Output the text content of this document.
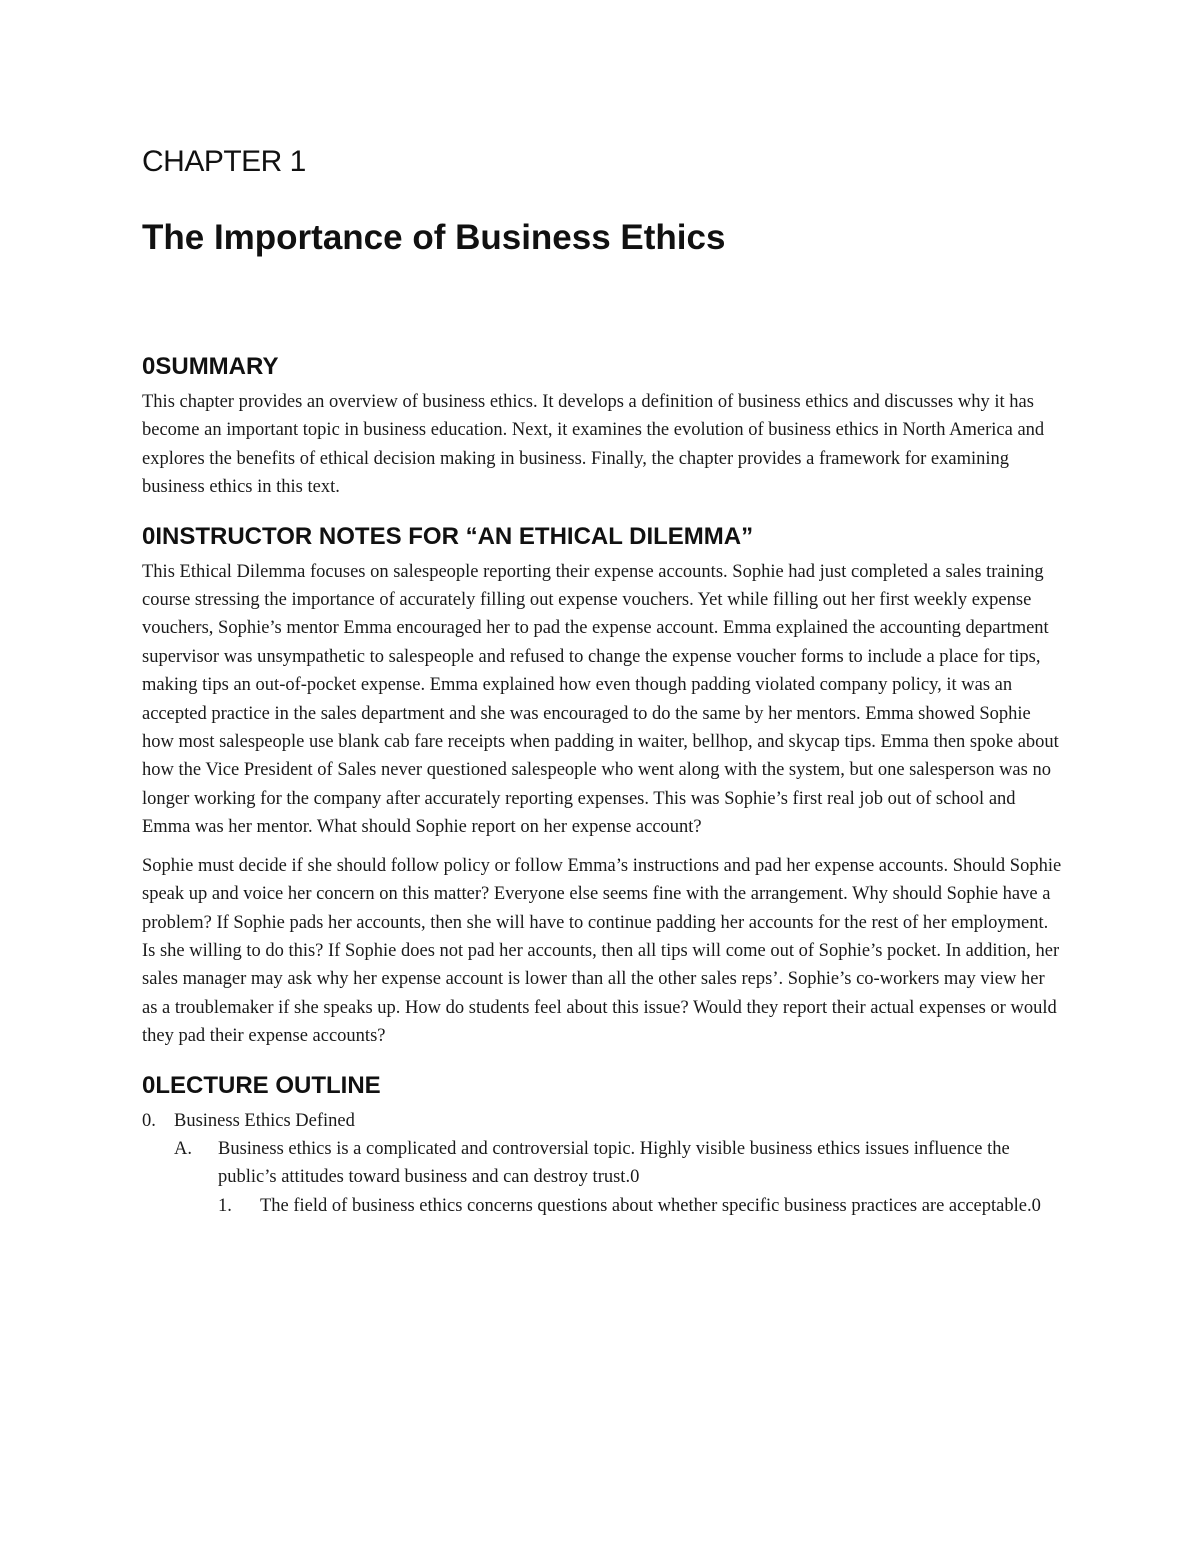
CHAPTER 1
The Importance of Business Ethics
0SUMMARY

This chapter provides an overview of business ethics. It develops a definition of business ethics and discusses why it has become an important topic in business education. Next, it examines the evolution of business ethics in North America and explores the benefits of ethical decision making in business. Finally, the chapter provides a framework for examining business ethics in this text.

0INSTRUCTOR NOTES FOR “AN ETHICAL DILEMMA”

This Ethical Dilemma focuses on salespeople reporting their expense accounts. Sophie had just completed a sales training course stressing the importance of accurately filling out expense vouchers. Yet while filling out her first weekly expense vouchers, Sophie’s mentor Emma encouraged her to pad the expense account. Emma explained the accounting department supervisor was unsympathetic to salespeople and refused to change the expense voucher forms to include a place for tips, making tips an out-of-pocket expense. Emma explained how even though padding violated company policy, it was an accepted practice in the sales department and she was encouraged to do the same by her mentors. Emma showed Sophie how most salespeople use blank cab fare receipts when padding in waiter, bellhop, and skycap tips. Emma then spoke about how the Vice President of Sales never questioned salespeople who went along with the system, but one salesperson was no longer working for the company after accurately reporting expenses. This was Sophie’s first real job out of school and Emma was her mentor. What should Sophie report on her expense account?

Sophie must decide if she should follow policy or follow Emma’s instructions and pad her expense accounts. Should Sophie speak up and voice her concern on this matter? Everyone else seems fine with the arrangement. Why should Sophie have a problem? If Sophie pads her accounts, then she will have to continue padding her accounts for the rest of her employment. Is she willing to do this? If Sophie does not pad her accounts, then all tips will come out of Sophie’s pocket. In addition, her sales manager may ask why her expense account is lower than all the other sales reps’. Sophie’s co-workers may view her as a troublemaker if she speaks up. How do students feel about this issue? Would they report their actual expenses or would they pad their expense accounts?

0LECTURE OUTLINE
0. Business Ethics Defined
A.	Business ethics is a complicated and controversial topic. Highly visible business ethics issues influence the public’s attitudes toward business and can destroy trust.0
1.	The field of business ethics concerns questions about whether specific business practices are acceptable.0
